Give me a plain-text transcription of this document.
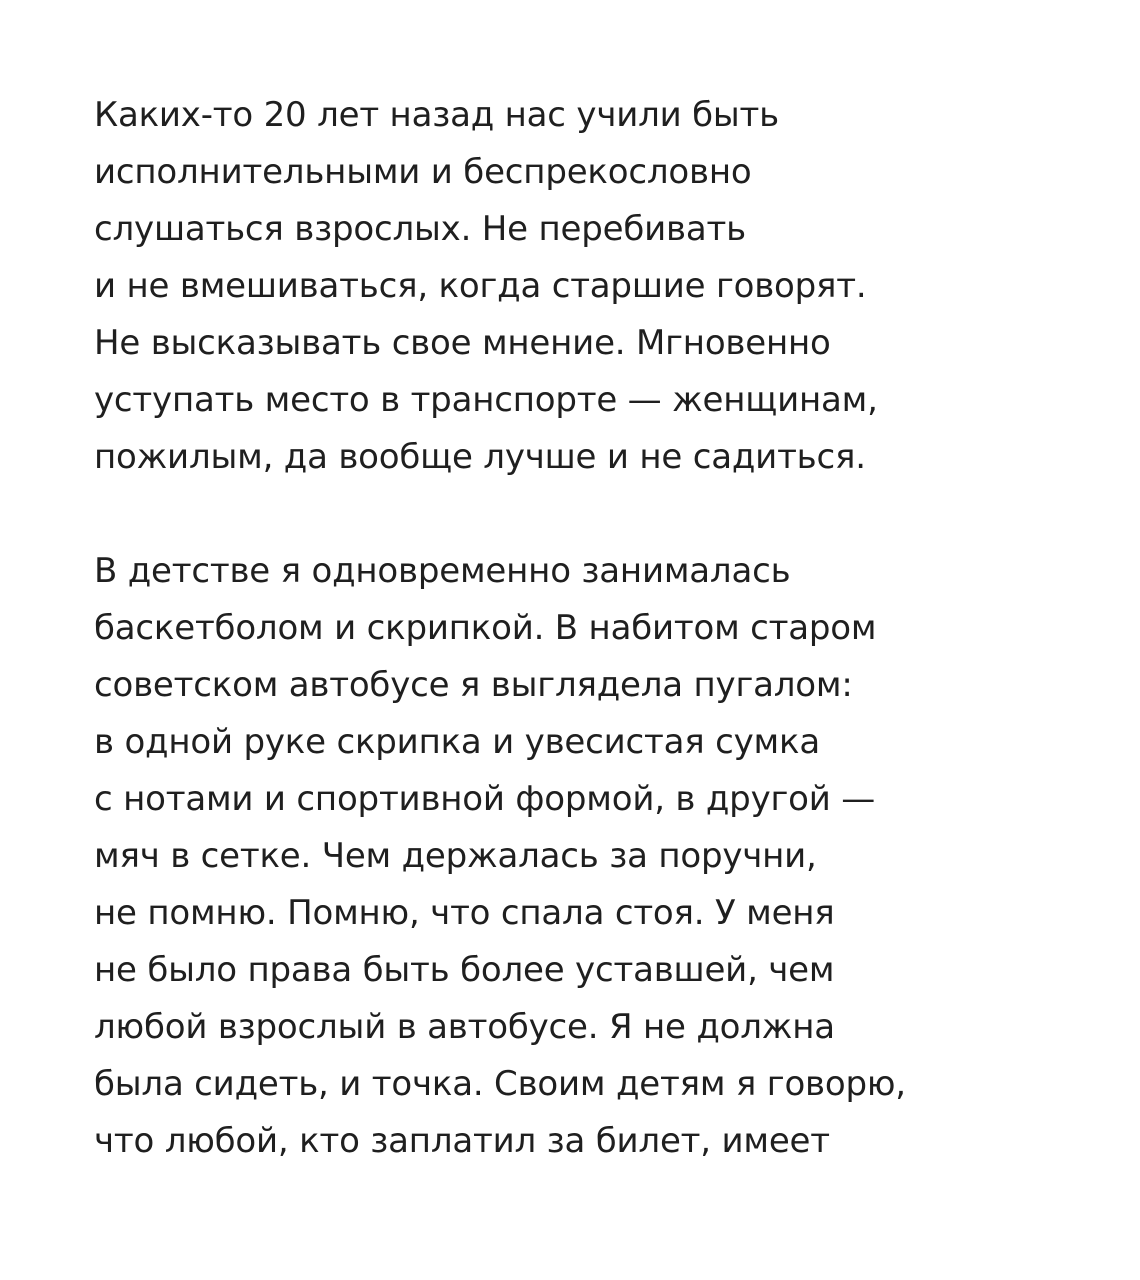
Каких-то 20 лет назад нас учили быть
исполнительными и беспрекословно
слушаться взрослых. Не перебивать
и не вмешиваться, когда старшие говорят.
Не высказывать свое мнение. Мгновенно
уступать место в транспорте — женщинам,
пожилым, да вообще лучше и не садиться.
В детстве я одновременно занималась
баскетболом и скрипкой. В набитом старом
советском автобусе я выглядела пугалом:
в одной руке скрипка и увесистая сумка
с нотами и спортивной формой, в другой —
мяч в сетке. Чем держалась за поручни,
не помню. Помню, что спала стоя. У меня
не было права быть более уставшей, чем
любой взрослый в автобусе. Я не должна
была сидеть, и точка. Своим детям я говорю,
что любой, кто заплатил за билет, имеет
